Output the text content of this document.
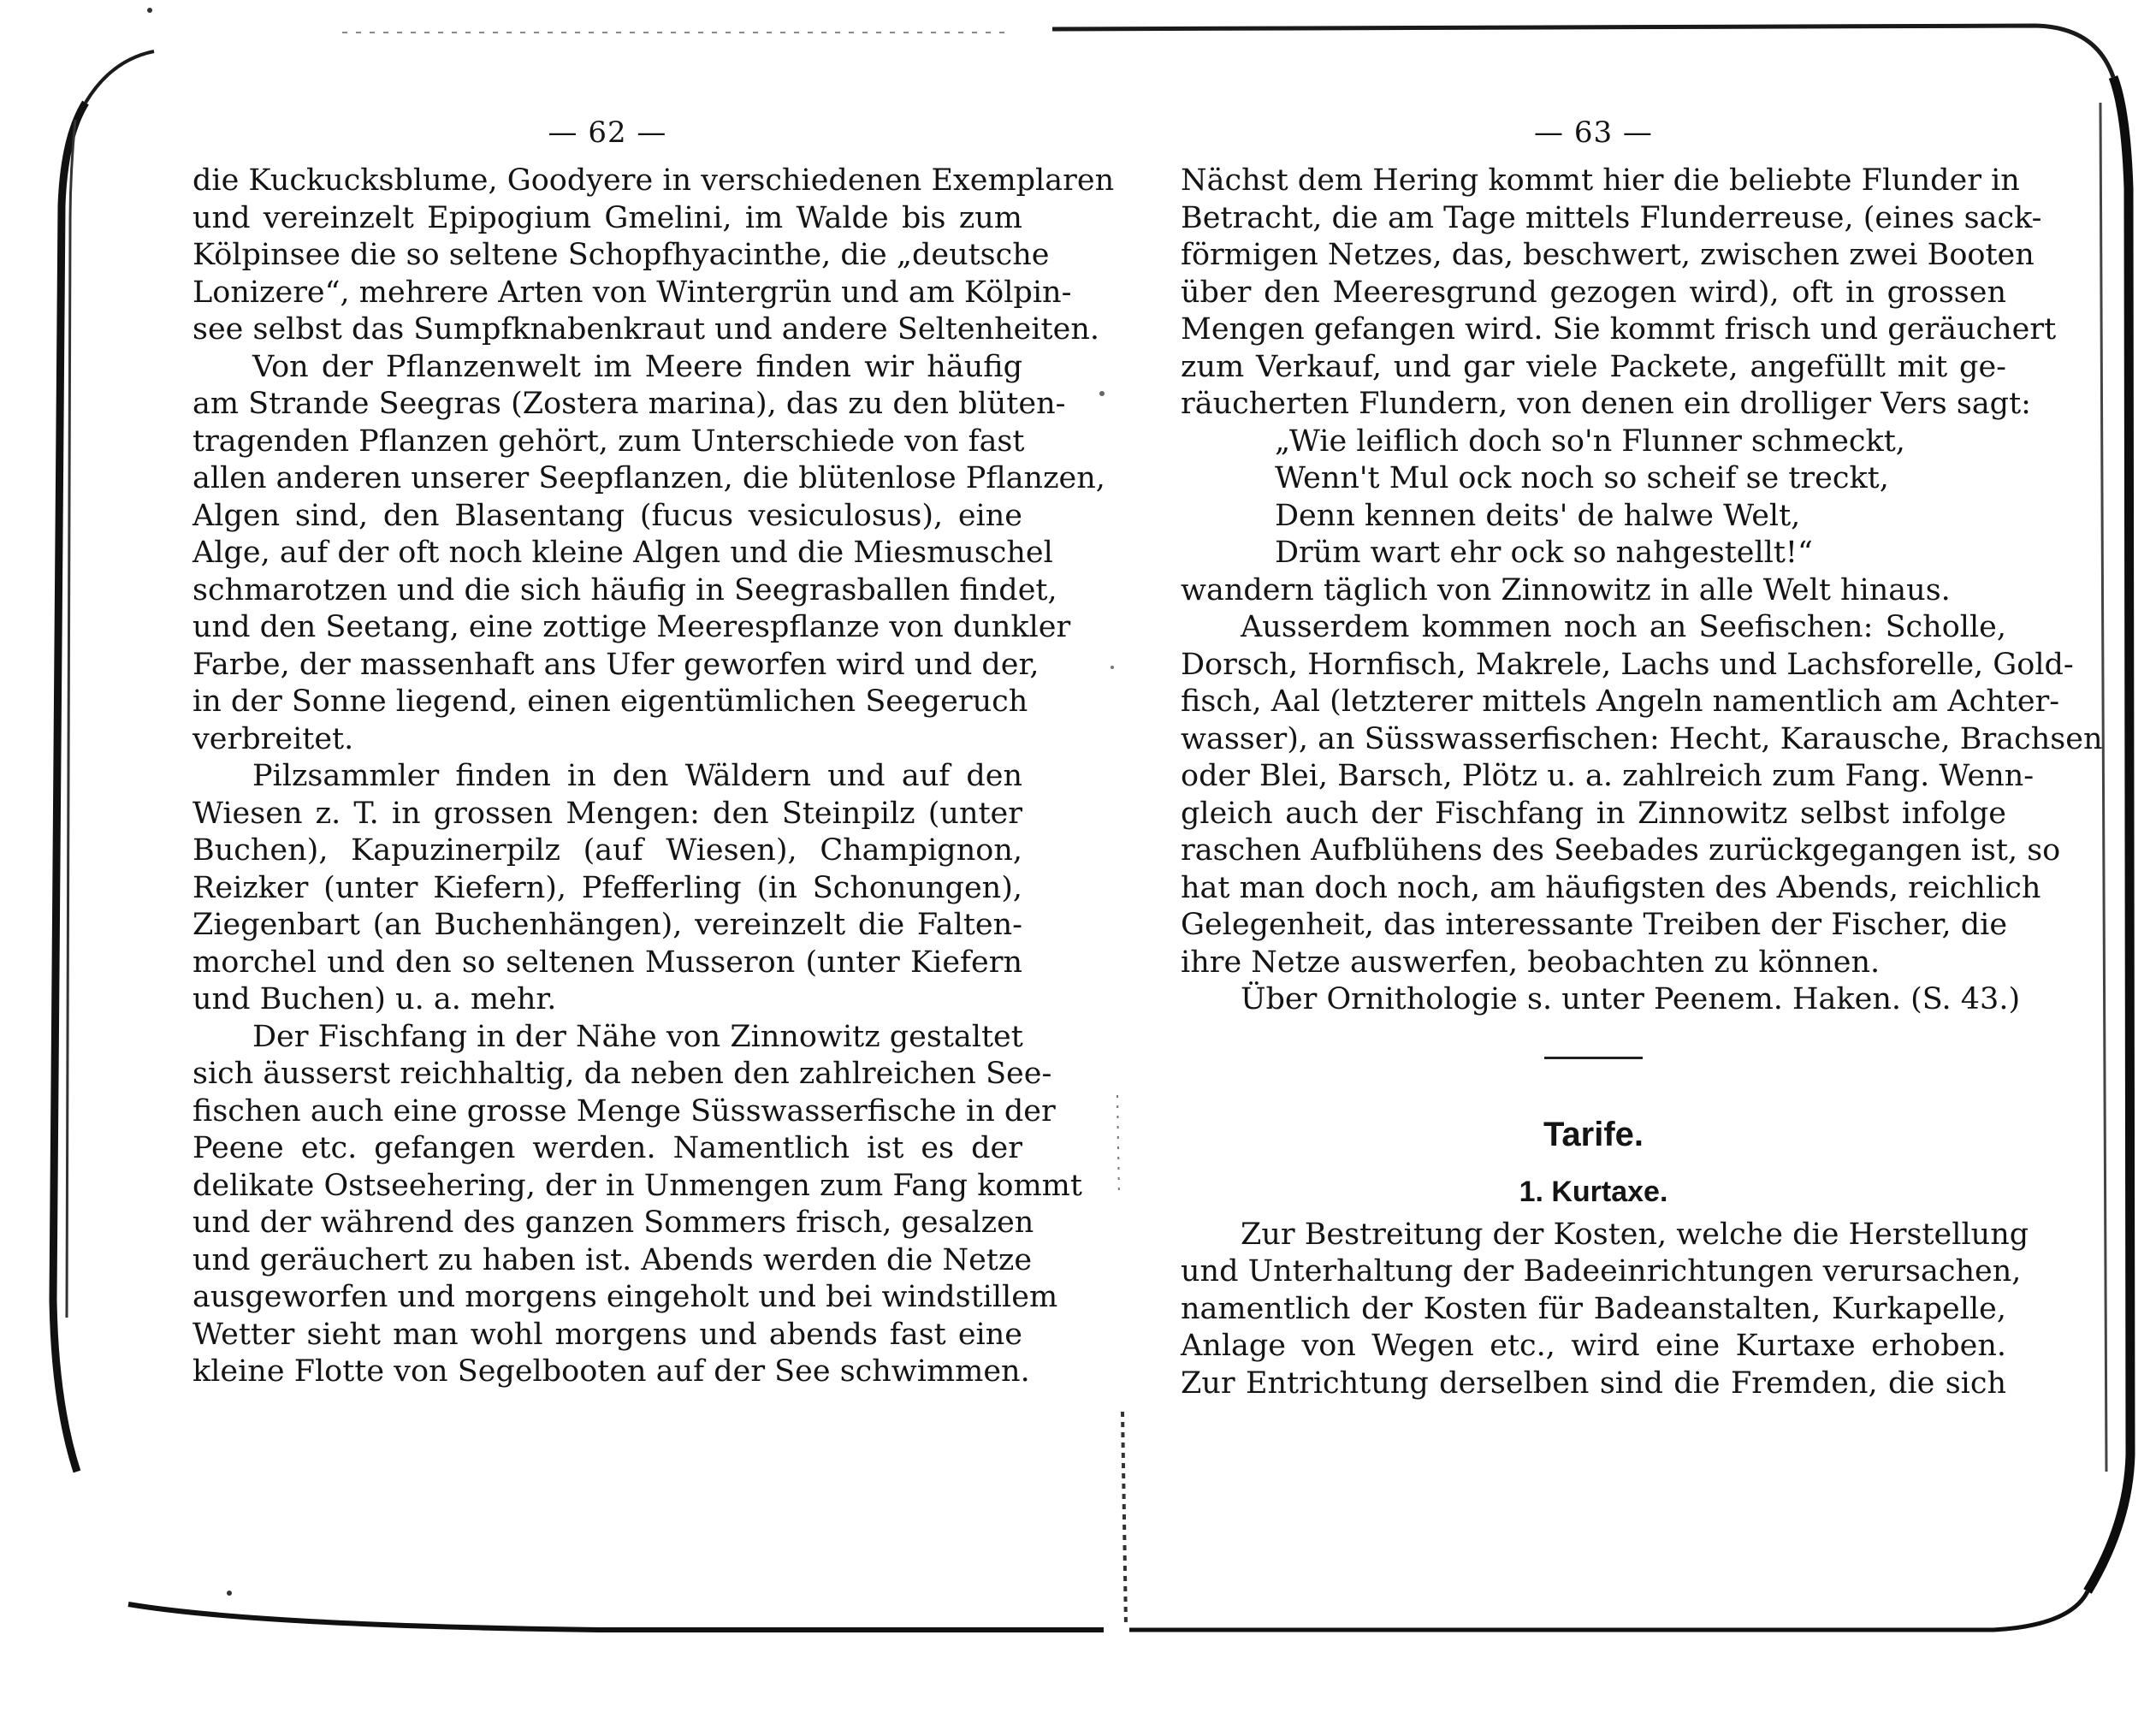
— 62 —
die Kuckucksblume, Goodyere in verschiedenen Exemplaren
und vereinzelt Epipogium Gmelini, im Walde bis zum
Kölpinsee die so seltene Schopfhyacinthe, die „deutsche
Lonizere“, mehrere Arten von Wintergrün und am Kölpin-
see selbst das Sumpfknabenkraut und andere Seltenheiten.
Von der Pflanzenwelt im Meere finden wir häufig
am Strande Seegras (Zostera marina), das zu den blüten-
tragenden Pflanzen gehört, zum Unterschiede von fast
allen anderen unserer Seepflanzen, die blütenlose Pflanzen,
Algen sind, den Blasentang (fucus vesiculosus), eine
Alge, auf der oft noch kleine Algen und die Miesmuschel
schmarotzen und die sich häufig in Seegrasballen findet,
und den Seetang, eine zottige Meerespflanze von dunkler
Farbe, der massenhaft ans Ufer geworfen wird und der,
in der Sonne liegend, einen eigentümlichen Seegeruch
verbreitet.
Pilzsammler finden in den Wäldern und auf den
Wiesen z. T. in grossen Mengen: den Steinpilz (unter
Buchen), Kapuzinerpilz (auf Wiesen), Champignon,
Reizker (unter Kiefern), Pfefferling (in Schonungen),
Ziegenbart (an Buchenhängen), vereinzelt die Falten-
morchel und den so seltenen Musseron (unter Kiefern
und Buchen) u. a. mehr.
Der Fischfang in der Nähe von Zinnowitz gestaltet
sich äusserst reichhaltig, da neben den zahlreichen See-
fischen auch eine grosse Menge Süsswasserfische in der
Peene etc. gefangen werden. Namentlich ist es der
delikate Ostseehering, der in Unmengen zum Fang kommt
und der während des ganzen Sommers frisch, gesalzen
und geräuchert zu haben ist. Abends werden die Netze
ausgeworfen und morgens eingeholt und bei windstillem
Wetter sieht man wohl morgens und abends fast eine
kleine Flotte von Segelbooten auf der See schwimmen.
— 63 —
Nächst dem Hering kommt hier die beliebte Flunder in
Betracht, die am Tage mittels Flunderreuse, (eines sack-
förmigen Netzes, das, beschwert, zwischen zwei Booten
über den Meeresgrund gezogen wird), oft in grossen
Mengen gefangen wird. Sie kommt frisch und geräuchert
zum Verkauf, und gar viele Packete, angefüllt mit ge-
räucherten Flundern, von denen ein drolliger Vers sagt:
„Wie leiflich doch so'n Flunner schmeckt,
Wenn't Mul ock noch so scheif se treckt,
Denn kennen deits' de halwe Welt,
Drüm wart ehr ock so nahgestellt!“
wandern täglich von Zinnowitz in alle Welt hinaus.
Ausserdem kommen noch an Seefischen: Scholle,
Dorsch, Hornfisch, Makrele, Lachs und Lachsforelle, Gold-
fisch, Aal (letzterer mittels Angeln namentlich am Achter-
wasser), an Süsswasserfischen: Hecht, Karausche, Brachsen
oder Blei, Barsch, Plötz u. a. zahlreich zum Fang. Wenn-
gleich auch der Fischfang in Zinnowitz selbst infolge
raschen Aufblühens des Seebades zurückgegangen ist, so
hat man doch noch, am häufigsten des Abends, reichlich
Gelegenheit, das interessante Treiben der Fischer, die
ihre Netze auswerfen, beobachten zu können.
Über Ornithologie s. unter Peenem. Haken. (S. 43.)
Tarife.
1. Kurtaxe.
Zur Bestreitung der Kosten, welche die Herstellung
und Unterhaltung der Badeeinrichtungen verursachen,
namentlich der Kosten für Badeanstalten, Kurkapelle,
Anlage von Wegen etc., wird eine Kurtaxe erhoben.
Zur Entrichtung derselben sind die Fremden, die sich
